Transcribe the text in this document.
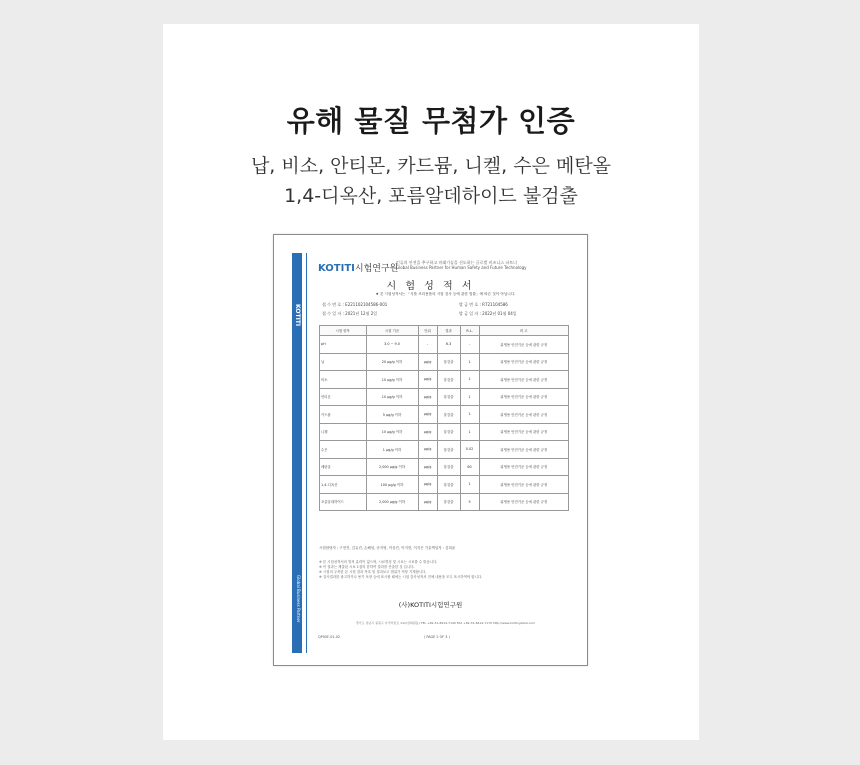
유해 물질 무첨가 인증
납, 비소, 안티몬, 카드뮴, 니켈, 수은 메탄올
1,4-디옥산, 포름알데하이드 불검출
KOTITI
Global Business Partner
KOTITI시험연구원
인류의 안전을 추구하고 미래기술을 선도하는 글로벌 비즈니스 파트너
Global Business Partner for Human Safety and Future Technology
시 험 성 적 서
★ 본 시험성적서는 「식품 조리용품의 시험 검사 등에 관한 법률」에 따른 것이 아닙니다.
접 수 번 호 : E221102104586-001
접 수 일 자 : 2021년 12월 2일
발 급 번 호 : R721104586
발 급 일 자 : 2022년 01월 04일
시험 항목	시험 기준	단위	결과	R.L.	비 고
pH	3.0 ~ 9.0	-	6.3	-	위생용 안전기준 등에 관한 규정
납	20 μg/g 이하	μg/g	불검출	1	위생용 안전기준 등에 관한 규정
비소	10 μg/g 이하	μg/g	불검출	1	위생용 안전기준 등에 관한 규정
안티몬	10 μg/g 이하	μg/g	불검출	1	위생용 안전기준 등에 관한 규정
카드뮴	5 μg/g 이하	μg/g	불검출	1	위생용 안전기준 등에 관한 규정
니켈	10 μg/g 이하	μg/g	불검출	1	위생용 안전기준 등에 관한 규정
수은	1 μg/g 이하	μg/g	불검출	0.02	위생용 안전기준 등에 관한 규정
메탄올	2,000 μg/g 이하	μg/g	불검출	60	위생용 안전기준 등에 관한 규정
1,4-디옥산	100 μg/g 이하	μg/g	불검출	1	위생용 안전기준 등에 관한 규정
포름알데하이드	2,000 μg/g 이하	μg/g	불검출	5	위생용 안전기준 등에 관한 규정
시험담당자 : 구현진, 김유진, 손해성, 송지영, 이상진, 이지현, 이지은 기술책임자 : 김희윤
※ 본 시험성적서의 법적 효력이 없으며, 시료명칭 및 시료는 시료를 수 밝습니다.
※ 이 결과는 제출된 시료 1점의 한하여 결과를 산출한 것 입니다.
※ 시험의 우측한 본 시험 결과 목록 및 결과보고 범위가 적당 기재합니다.
※ 검사결과를 광고하거나 용기 포장 등에 표시할 때에는 시험 검사성적서 전체 내용을 모두 표시하여야 합니다.
(사)KOTITI시험연구원
경기도 성남시 중원구 사기막골로 111(상대원동) TEL +82-31-8414-7140 FAX +82-31-8414-7179 http://www.kotiti-global.com
QP05F-01-02	( PAGE 2 OF 3 )
